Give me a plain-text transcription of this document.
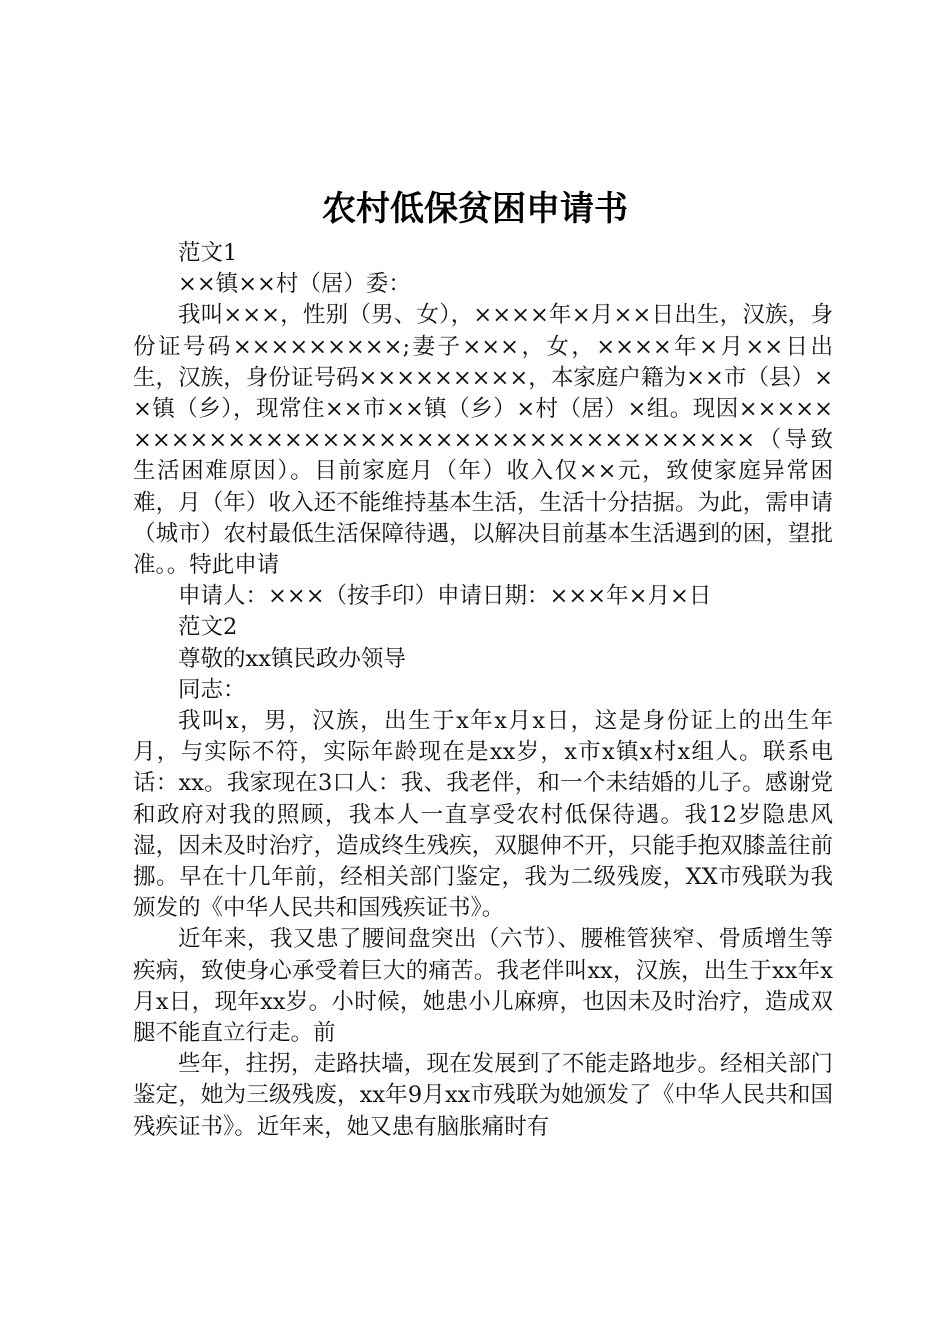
农村低保贫困申请书

范文1

××镇××村（居）委：

我叫×××，性别（男、女），××××年×月××日出生，汉族，身份证号码×××××××××;妻子×××，女，××××年×月××日出生，汉族，身份证号码×××××××××，本家庭户籍为××市（县）××镇（乡），现常住××市××镇（乡）×村（居）×组。现因××××××××××××××××××××××××××××××××××××××（导致生活困难原因）。目前家庭月（年）收入仅××元，致使家庭异常困难，月（年）收入还不能维持基本生活，生活十分拮据。为此，需申请（城市）农村最低生活保障待遇，以解决目前基本生活遇到的困，望批准。。特此申请

申请人：×××（按手印）申请日期：×××年×月×日

范文2

尊敬的xx镇民政办领导

同志：

我叫x，男，汉族，出生于x年x月x日，这是身份证上的出生年月，与实际不符，实际年龄现在是xx岁，x市x镇x村x组人。联系电话：xx。我家现在3口人：我、我老伴，和一个未结婚的儿子。感谢党和政府对我的照顾，我本人一直享受农村低保待遇。我12岁隐患风湿，因未及时治疗，造成终生残疾，双腿伸不开，只能手抱双膝盖往前挪。早在十几年前，经相关部门鉴定，我为二级残废，XX市残联为我颁发的《中华人民共和国残疾证书》。

近年来，我又患了腰间盘突出（六节）、腰椎管狭窄、骨质增生等疾病，致使身心承受着巨大的痛苦。我老伴叫xx，汉族，出生于xx年x月x日，现年xx岁。小时候，她患小儿麻痹，也因未及时治疗，造成双腿不能直立行走。前

些年，拄拐，走路扶墙，现在发展到了不能走路地步。经相关部门鉴定，她为三级残废，xx年9月xx市残联为她颁发了《中华人民共和国残疾证书》。近年来，她又患有脑胀痛时有
